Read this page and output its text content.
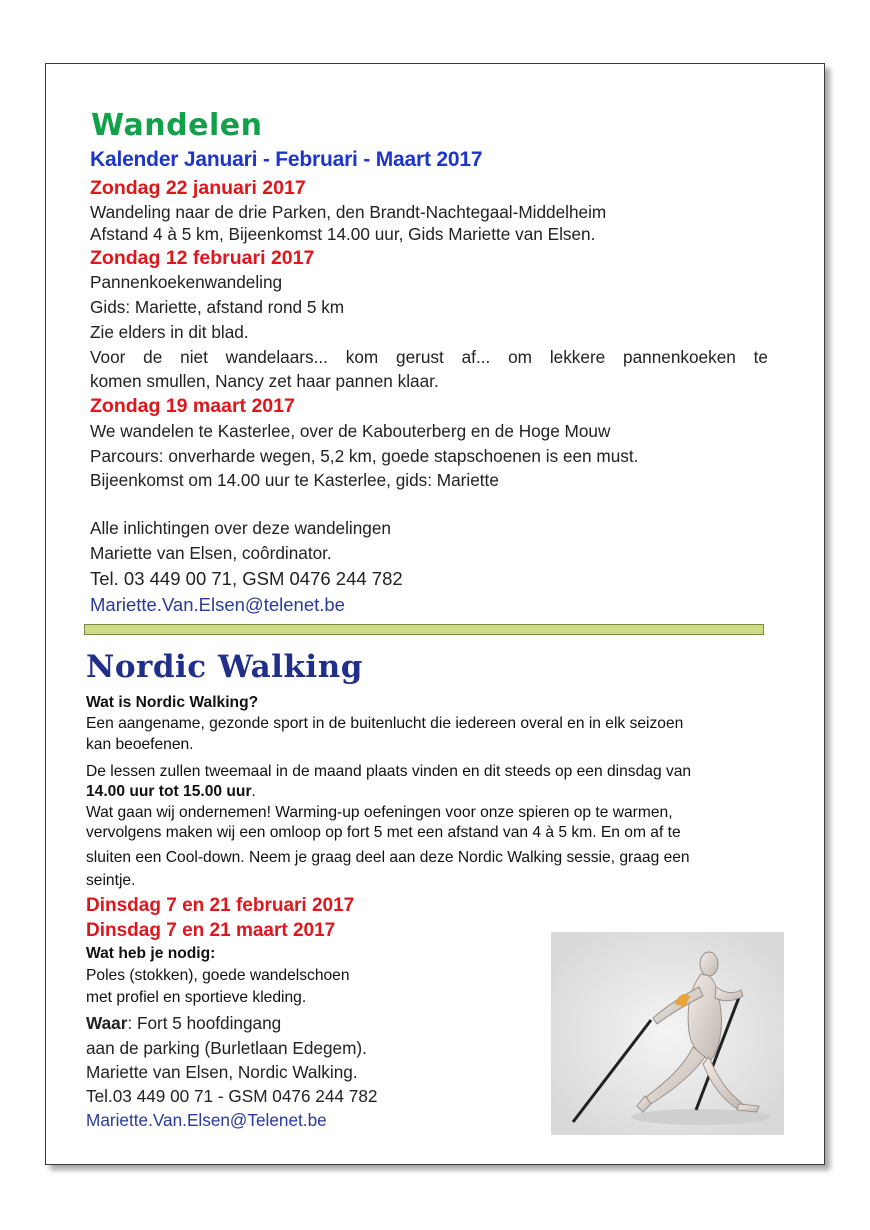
Wandelen
Kalender Januari - Februari - Maart 2017
Zondag 22 januari 2017
Wandeling naar de drie Parken, den Brandt-Nachtegaal-Middelheim
Afstand 4 à 5 km, Bijeenkomst 14.00 uur, Gids Mariette van Elsen.
Zondag 12 februari 2017
Pannenkoekenwandeling
Gids: Mariette, afstand rond 5 km
Zie elders in dit blad.
Voor de niet wandelaars... kom gerust af... om lekkere pannenkoeken te
komen smullen, Nancy zet haar pannen klaar.
Zondag 19 maart 2017
We wandelen te Kasterlee, over de Kabouterberg en de Hoge Mouw
Parcours: onverharde wegen, 5,2 km, goede stapschoenen is een must.
Bijeenkomst om 14.00 uur te Kasterlee, gids: Mariette
Alle inlichtingen over deze wandelingen
Mariette van Elsen, coôrdinator.
Tel. 03 449 00 71, GSM 0476 244 782
Mariette.Van.Elsen@telenet.be
Nordic Walking
Wat is Nordic Walking?
Een aangename, gezonde sport in de buitenlucht die iedereen overal en in elk seizoen
kan beoefenen.
De lessen zullen tweemaal in de maand plaats vinden en dit steeds op een dinsdag van
14.00 uur tot 15.00 uur.
Wat gaan wij ondernemen! Warming-up oefeningen voor onze spieren op te warmen,
vervolgens maken wij een omloop op fort 5 met een afstand van 4 à 5 km. En om af te
sluiten een Cool-down. Neem je graag deel aan deze Nordic Walking sessie, graag een
seintje.
Dinsdag 7 en 21 februari 2017
Dinsdag 7 en 21 maart 2017
Wat heb je nodig:
Poles (stokken), goede wandelschoen
met profiel en sportieve kleding.
Waar: Fort 5 hoofdingang
aan de parking (Burletlaan Edegem).
Mariette van Elsen, Nordic Walking.
Tel.03 449 00 71 - GSM 0476 244 782
Mariette.Van.Elsen@Telenet.be
